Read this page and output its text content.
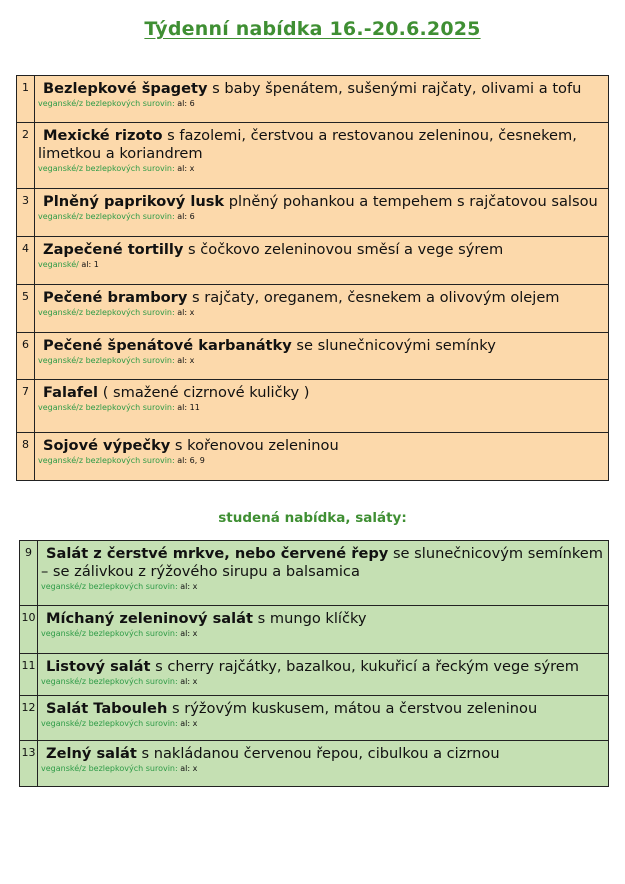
Týdenní nabídka 16.-20.6.2025
1	Bezlepkové špagety s baby špenátem, sušenými rajčaty, olivami a tofu
veganské/z bezlepkových surovin: al: 6

2	Mexické rizoto s fazolemi, čerstvou a restovanou zeleninou, česnekem, limetkou a koriandrem
veganské/z bezlepkových surovin: al: x

3	Plněný paprikový lusk plněný pohankou a tempehem s rajčatovou salsou
veganské/z bezlepkových surovin: al: 6

4	Zapečené tortilly s čočkovo zeleninovou směsí a vege sýrem
veganské/ al: 1

5	Pečené brambory s rajčaty, oreganem, česnekem a olivovým olejem
veganské/z bezlepkových surovin: al: x

6	Pečené špenátové karbanátky se slunečnicovými semínky
veganské/z bezlepkových surovin: al: x

7	Falafel ( smažené cizrnové kuličky )
veganské/z bezlepkových surovin: al: 11

8	Sojové výpečky s kořenovou zeleninou
veganské/z bezlepkových surovin: al: 6, 9
studená nabídka, saláty:
9	Salát z čerstvé mrkve, nebo červené řepy se slunečnicovým semínkem – se zálivkou z rýžového sirupu a balsamica
veganské/z bezlepkových surovin: al: x

10	Míchaný zeleninový salát s mungo klíčky
veganské/z bezlepkových surovin: al: x

11	Listový salát s cherry rajčátky, bazalkou, kukuřicí a řeckým vege sýrem
veganské/z bezlepkových surovin: al: x

12	Salát Tabouleh s rýžovým kuskusem, mátou a čerstvou zeleninou
veganské/z bezlepkových surovin: al: x

13	Zelný salát s nakládanou červenou řepou, cibulkou a cizrnou
veganské/z bezlepkových surovin: al: x
